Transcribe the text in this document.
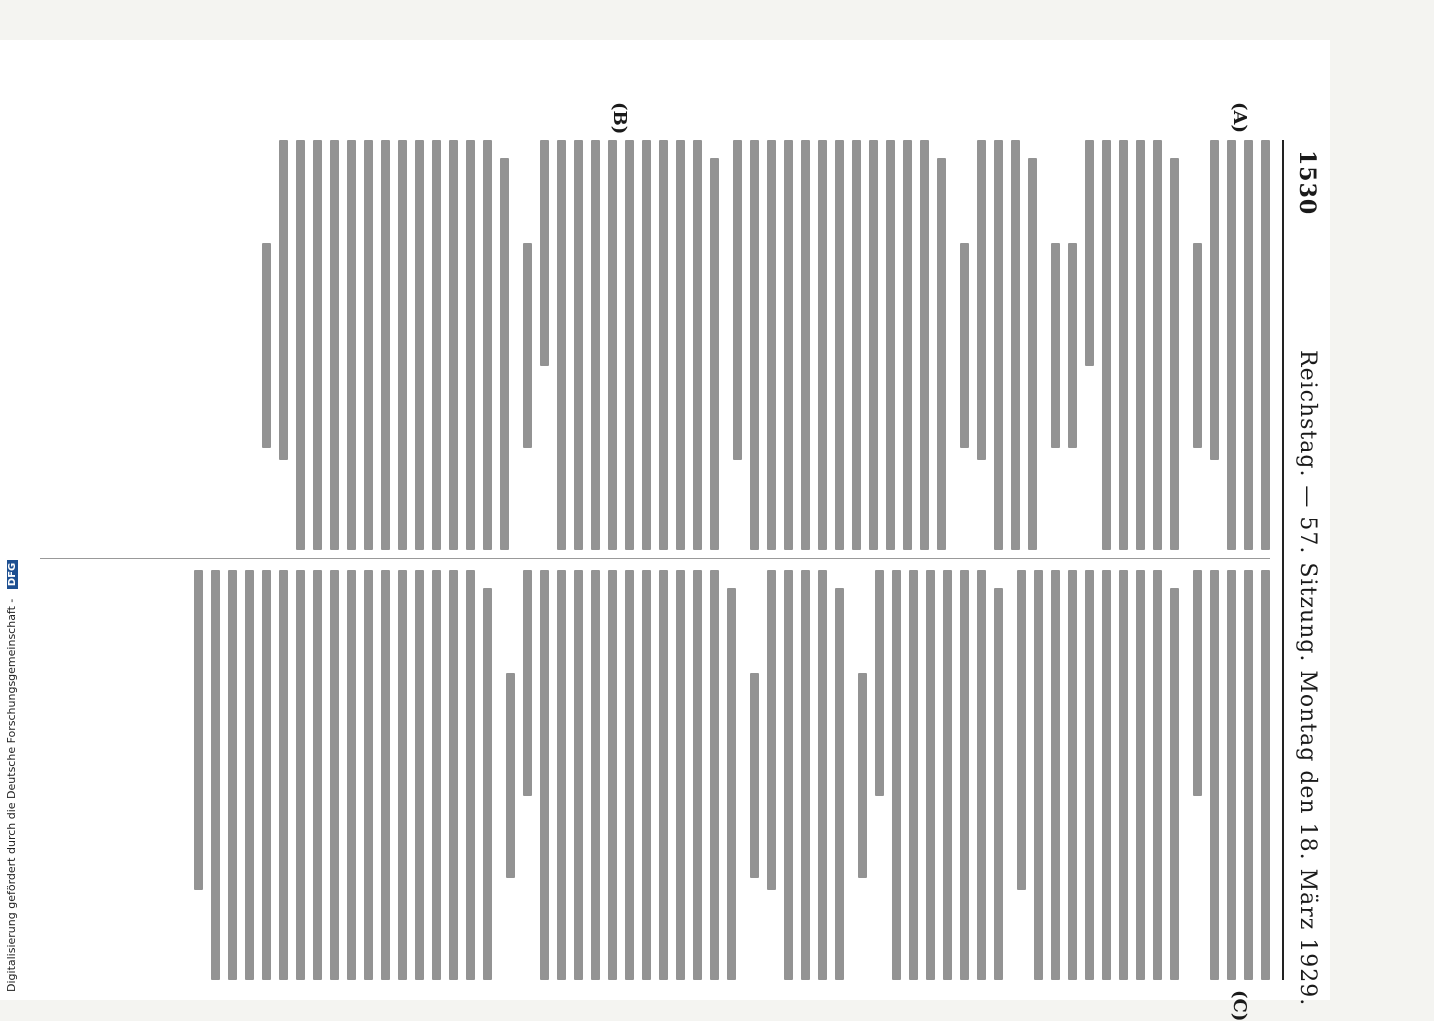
1530
Reichstag. — 57. Sitzung. Montag den 18. März 1929.
(A)
(B)
(C)
Digitalisierung gefördert durch die Deutsche Forschungsgemeinschaft - DFG
